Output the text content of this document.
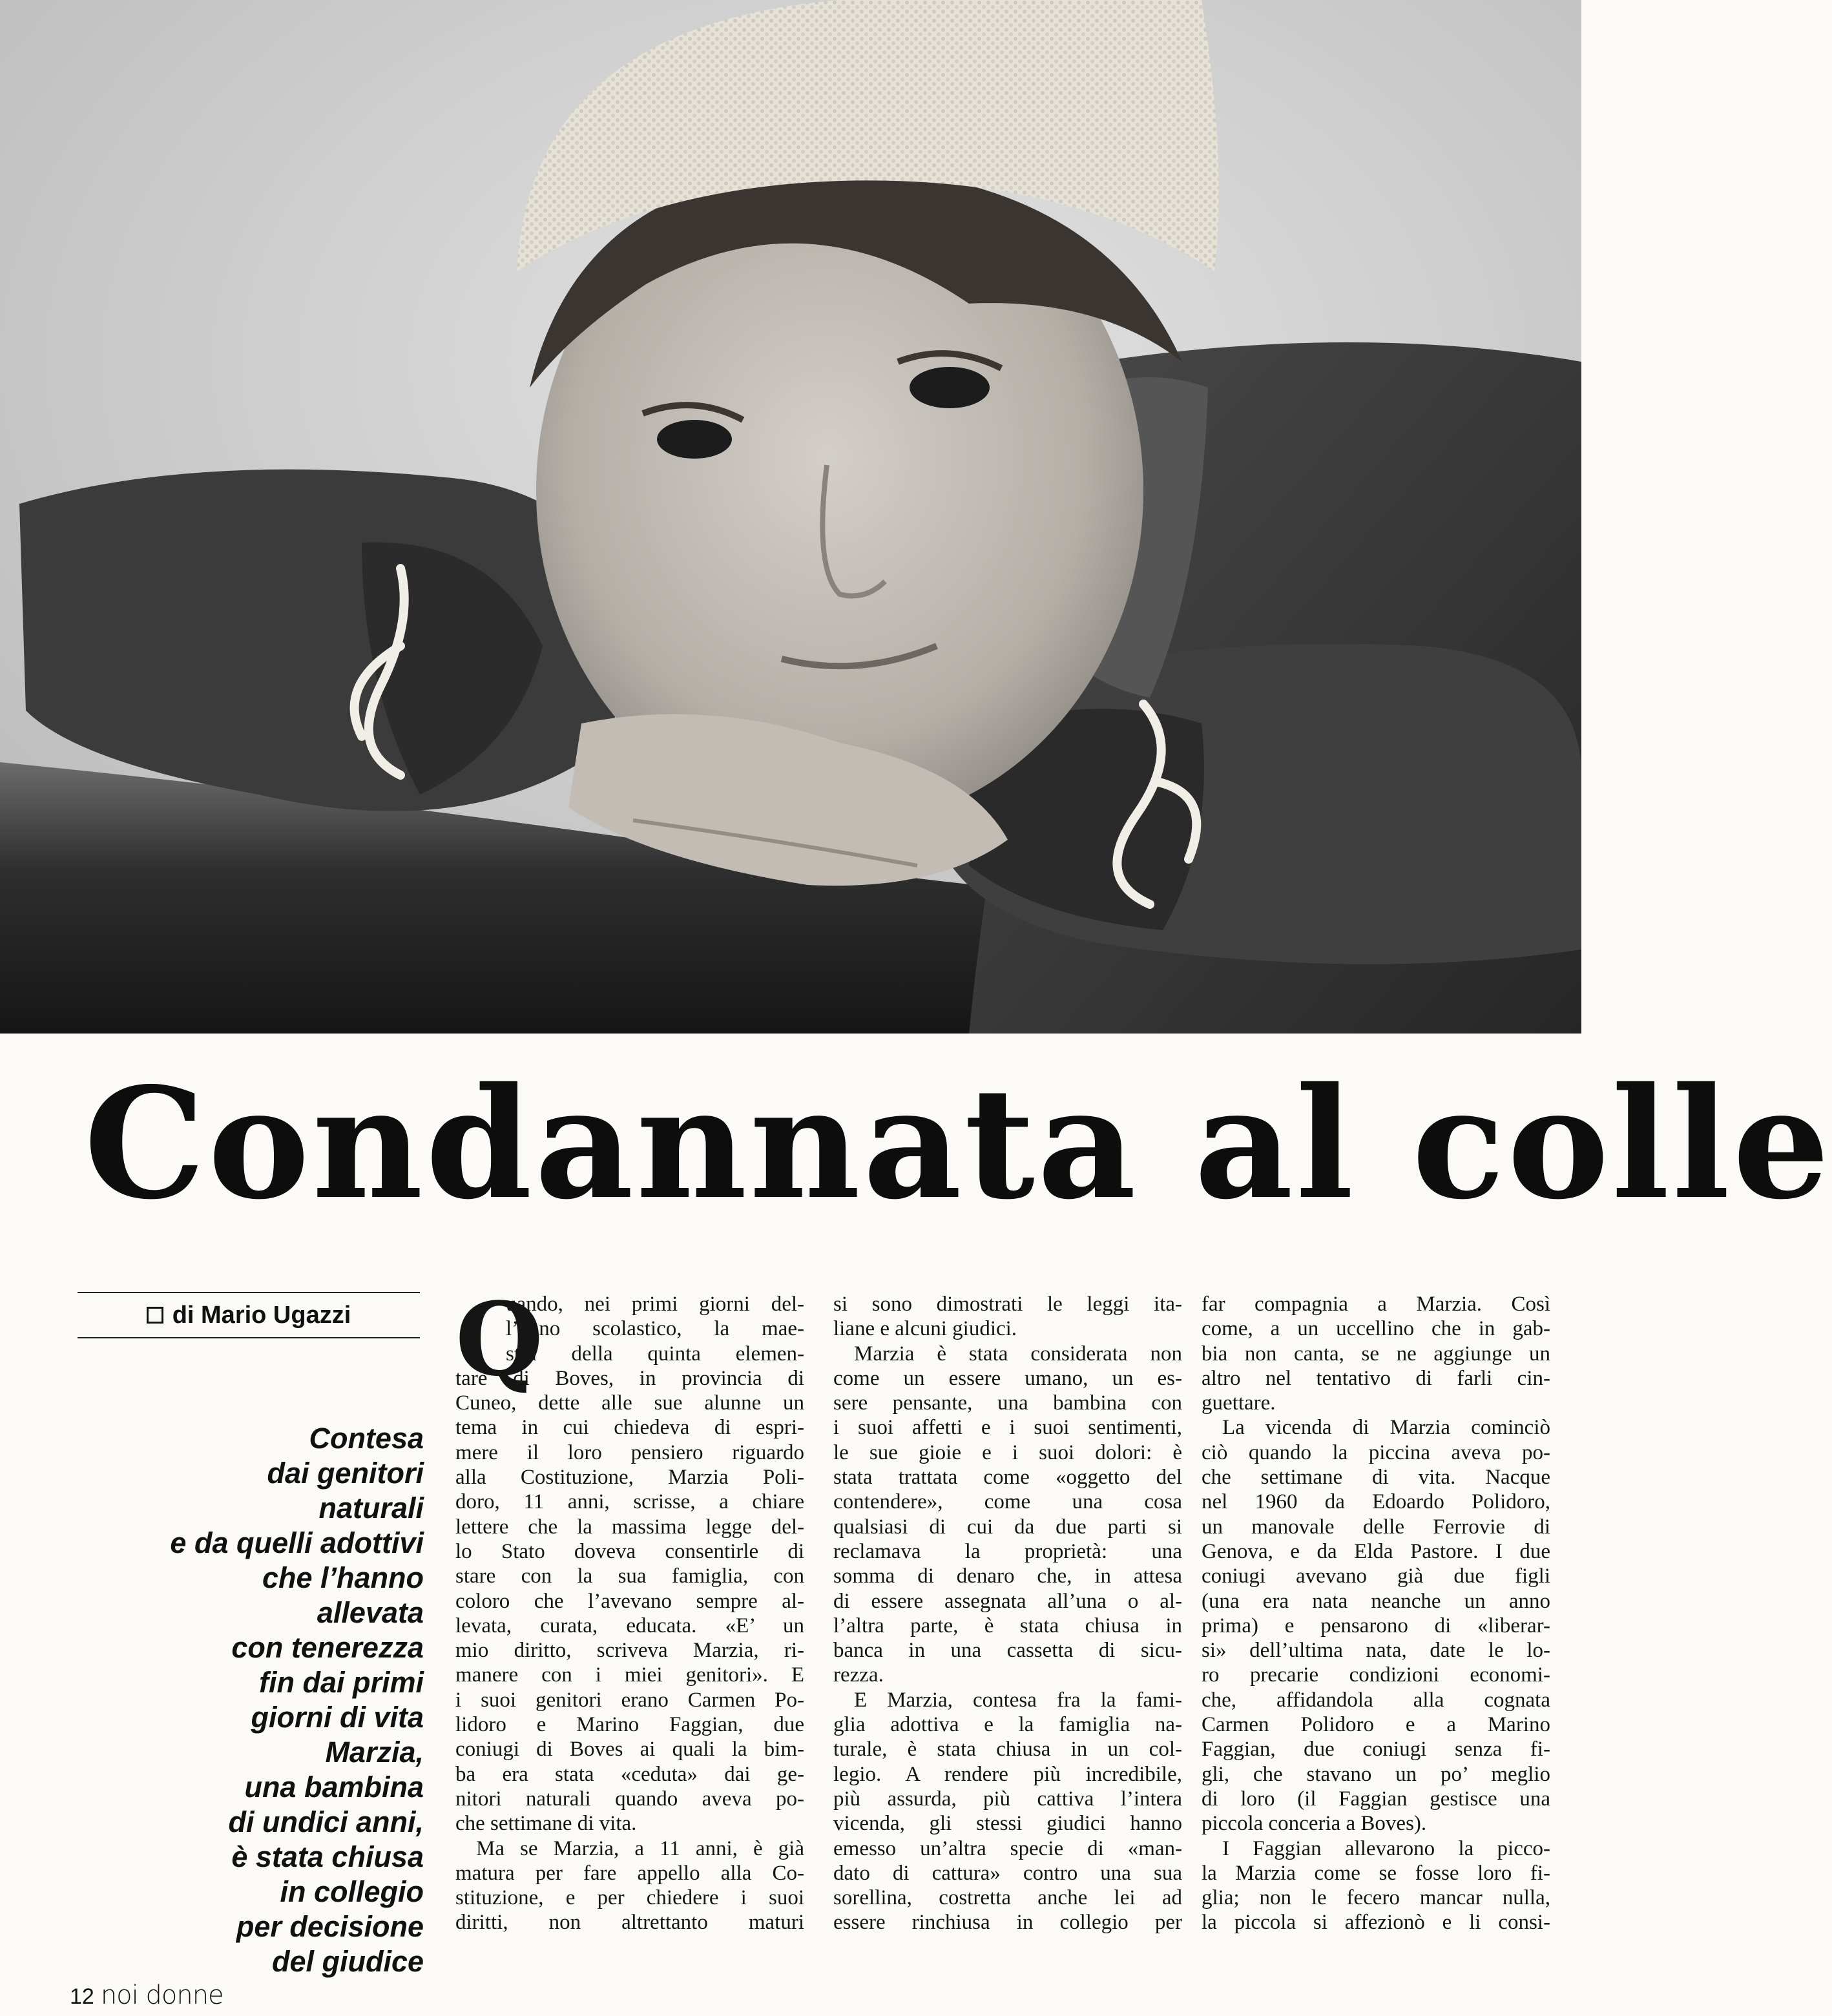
Condannata al colle
di Mario Ugazzi
Contesa
dai genitori
naturali
e da quelli adottivi
che l’hanno
allevata
con tenerezza
fin dai primi
giorni di vita
Marzia,
una bambina
di undici anni,
è stata chiusa
in collegio
per decisione
del giudice
Q
uando, nei primi giorni del-
l’anno scolastico, la mae-
stra della quinta elemen-
tare di Boves, in provincia di
Cuneo, dette alle sue alunne un
tema in cui chiedeva di espri-
mere il loro pensiero riguardo
alla Costituzione, Marzia Poli-
doro, 11 anni, scrisse, a chiare
lettere che la massima legge del-
lo Stato doveva consentirle di
stare con la sua famiglia, con
coloro che l’avevano sempre al-
levata, curata, educata. «E’ un
mio diritto, scriveva Marzia, ri-
manere con i miei genitori». E
i suoi genitori erano Carmen Po-
lidoro e Marino Faggian, due
coniugi di Boves ai quali la bim-
ba era stata «ceduta» dai ge-
nitori naturali quando aveva po-
che settimane di vita.
Ma se Marzia, a 11 anni, è già
matura per fare appello alla Co-
stituzione, e per chiedere i suoi
diritti, non altrettanto maturi
si sono dimostrati le leggi ita-
liane e alcuni giudici.
Marzia è stata considerata non
come un essere umano, un es-
sere pensante, una bambina con
i suoi affetti e i suoi sentimenti,
le sue gioie e i suoi dolori: è
stata trattata come «oggetto del
contendere», come una cosa
qualsiasi di cui da due parti si
reclamava la proprietà: una
somma di denaro che, in attesa
di essere assegnata all’una o al-
l’altra parte, è stata chiusa in
banca in una cassetta di sicu-
rezza.
E Marzia, contesa fra la fami-
glia adottiva e la famiglia na-
turale, è stata chiusa in un col-
legio. A rendere più incredibile,
più assurda, più cattiva l’intera
vicenda, gli stessi giudici hanno
emesso un’altra specie di «man-
dato di cattura» contro una sua
sorellina, costretta anche lei ad
essere rinchiusa in collegio per
far compagnia a Marzia. Così
come, a un uccellino che in gab-
bia non canta, se ne aggiunge un
altro nel tentativo di farli cin-
guettare.
La vicenda di Marzia cominciò
ciò quando la piccina aveva po-
che settimane di vita. Nacque
nel 1960 da Edoardo Polidoro,
un manovale delle Ferrovie di
Genova, e da Elda Pastore. I due
coniugi avevano già due figli
(una era nata neanche un anno
prima) e pensarono di «liberar-
si» dell’ultima nata, date le lo-
ro precarie condizioni economi-
che, affidandola alla cognata
Carmen Polidoro e a Marino
Faggian, due coniugi senza fi-
gli, che stavano un po’ meglio
di loro (il Faggian gestisce una
piccola conceria a Boves).
I Faggian allevarono la picco-
la Marzia come se fosse loro fi-
glia; non le fecero mancar nulla,
la piccola si affezionò e li consi-
12 noi donne
